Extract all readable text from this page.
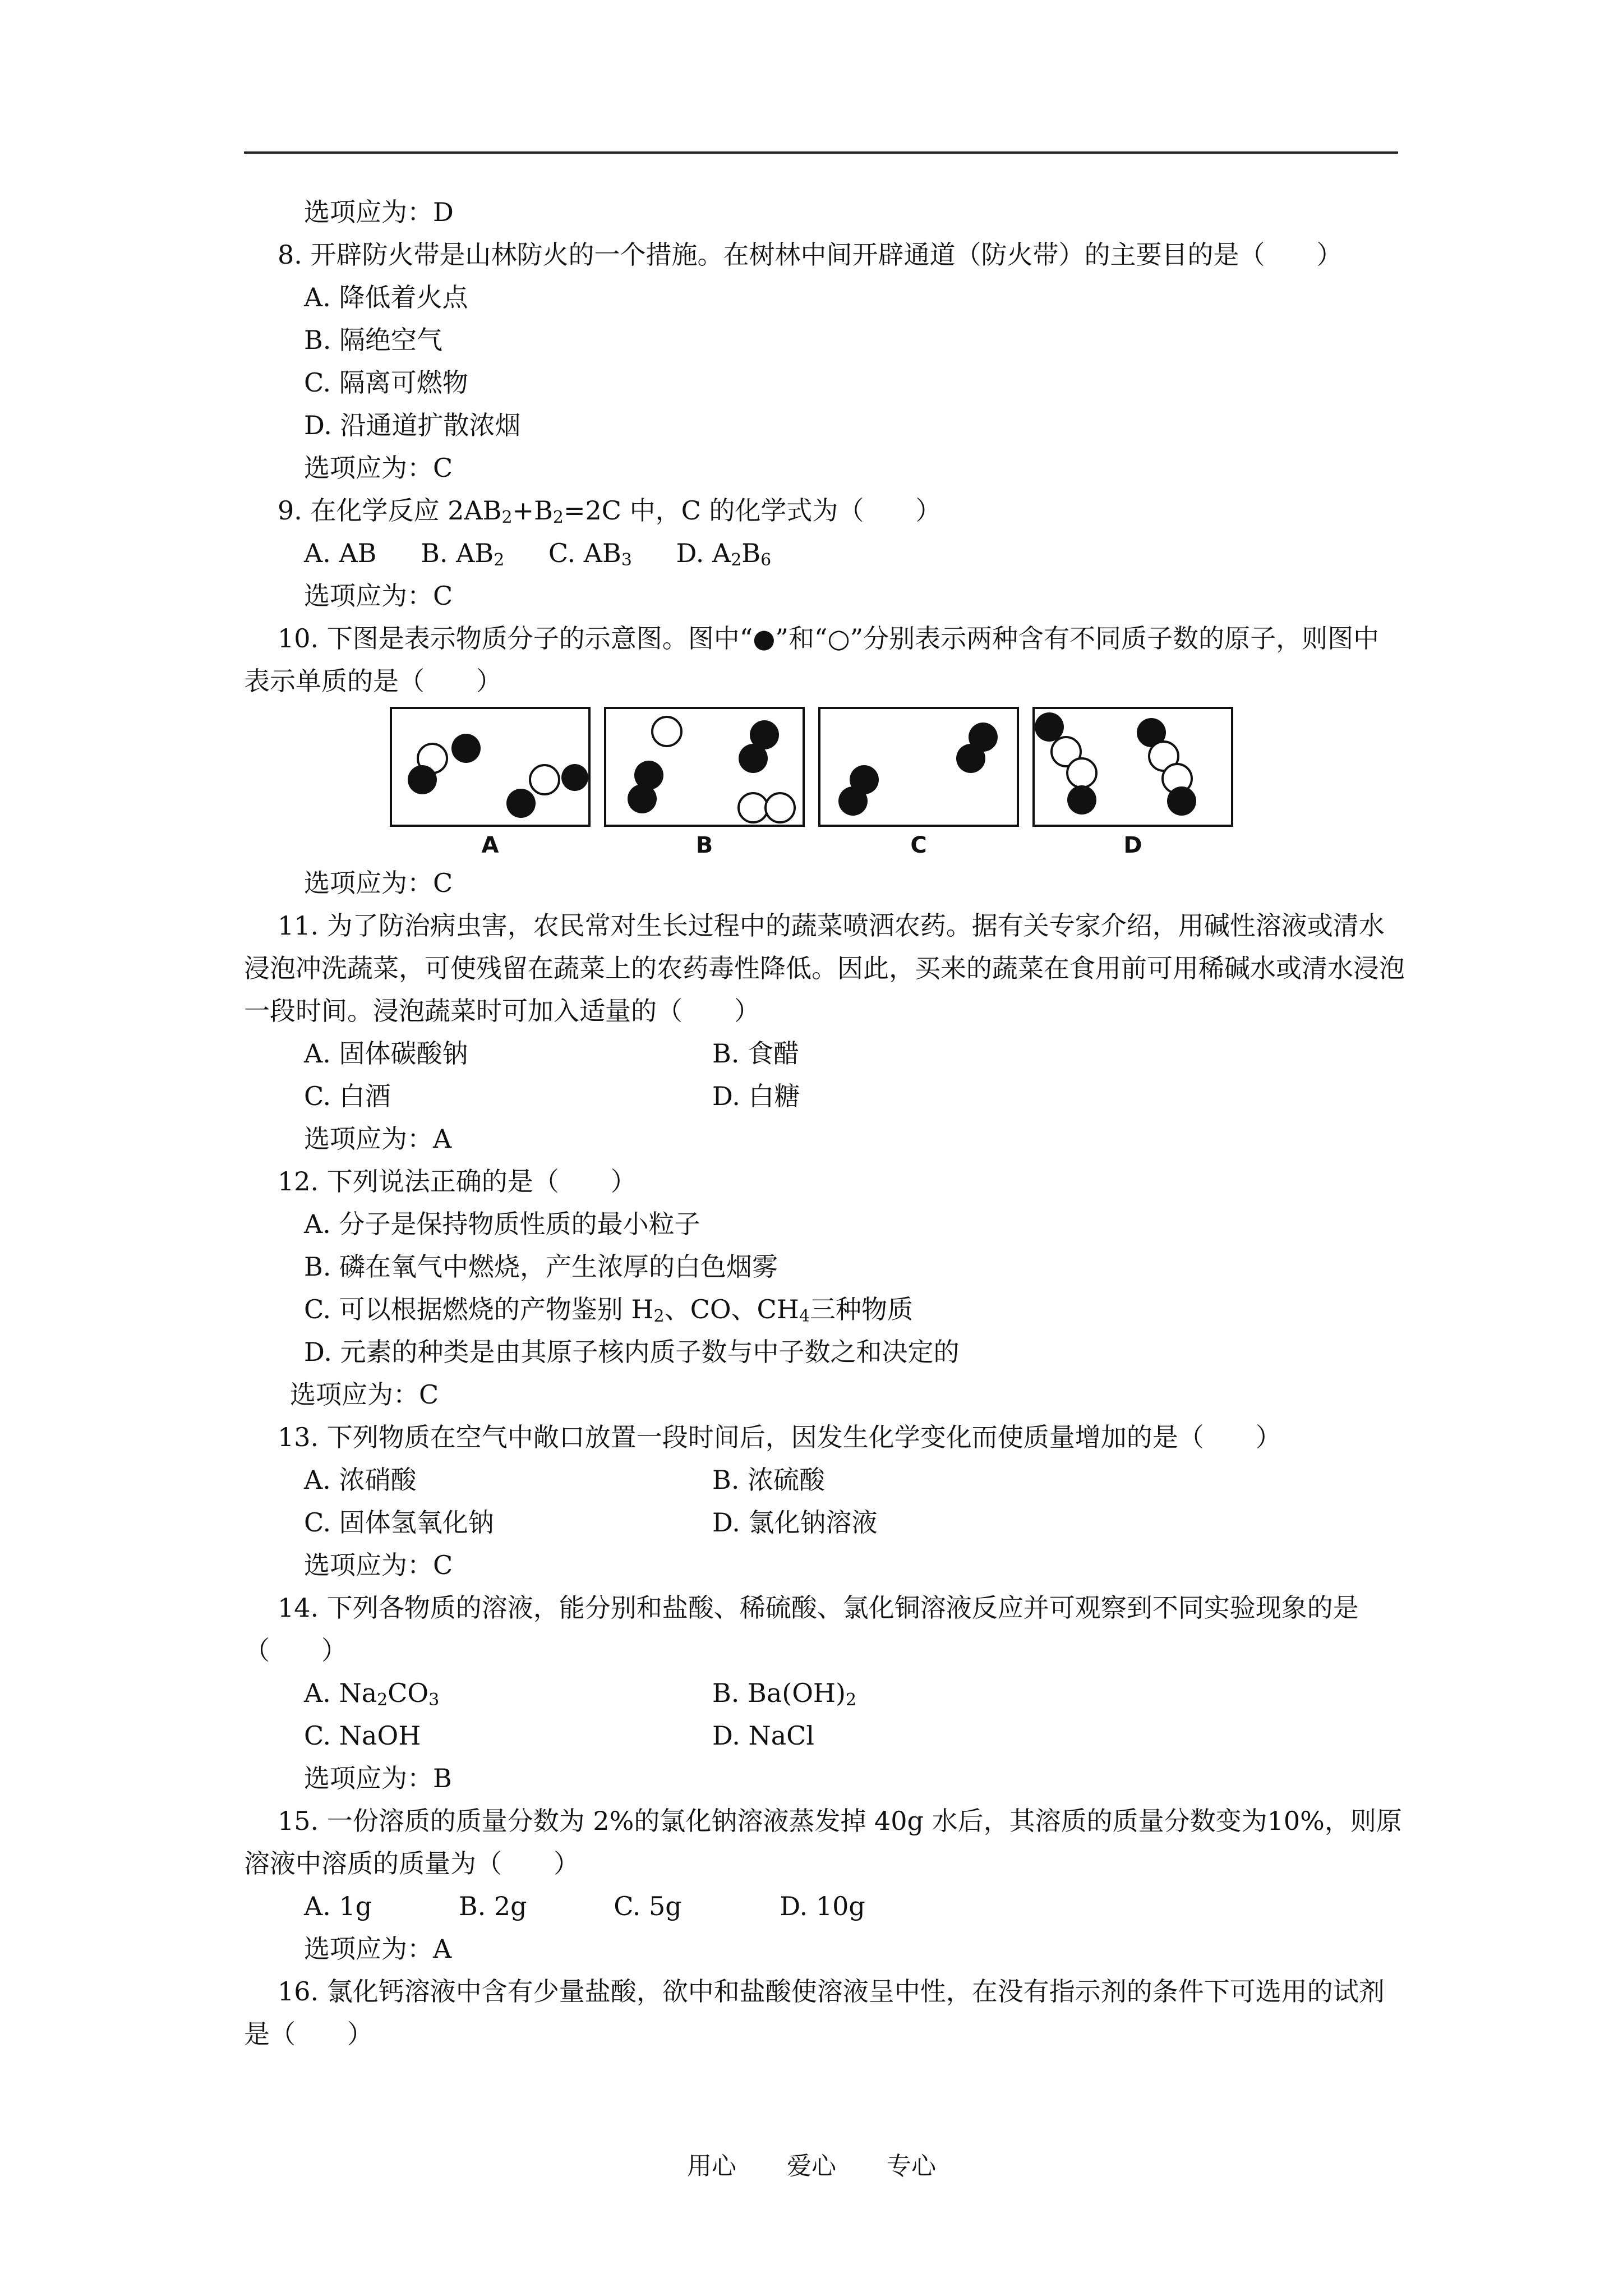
选项应为：D
8. 开辟防火带是山林防火的一个措施。在树林中间开辟通道（防火带）的主要目的是（　　）
A. 降低着火点
B. 隔绝空气
C. 隔离可燃物
D. 沿通道扩散浓烟
选项应为：C
9. 在化学反应 $2AB_2+B_2=2C$ 中，C 的化学式为（　　）
A. AB B. $AB_2$ C. $AB_3$ D. $A_2B_6$
选项应为：C
10. 下图是表示物质分子的示意图。图中“●”和“○”分别表示两种含有不同质子数的原子，则图中表示单质的是（　　）
A	B	C	D
选项应为：C
11. 为了防治病虫害，农民常对生长过程中的蔬菜喷洒农药。据有关专家介绍，用碱性溶液或清水浸泡冲洗蔬菜，可使残留在蔬菜上的农药毒性降低。因此，买来的蔬菜在食用前可用稀碱水或清水浸泡一段时间。浸泡蔬菜时可加入适量的（　　）
A. 固体碳酸钠	B. 食醋
C. 白酒	D. 白糖
选项应为：A
12. 下列说法正确的是（　　）
A. 分子是保持物质性质的最小粒子
B. 磷在氧气中燃烧，产生浓厚的白色烟雾
C. 可以根据燃烧的产物鉴别 $H_2$、CO、$CH_4$三种物质
D. 元素的种类是由其原子核内质子数与中子数之和决定的
选项应为：C
13. 下列物质在空气中敞口放置一段时间后，因发生化学变化而使质量增加的是（　　）
A. 浓硝酸	B. 浓硫酸
C. 固体氢氧化钠	D. 氯化钠溶液
选项应为：C
14. 下列各物质的溶液，能分别和盐酸、稀硫酸、氯化铜溶液反应并可观察到不同实验现象的是（　　）
A. $Na_2CO_3$	B. $Ba(OH)_2$
C. NaOH	D. NaCl
选项应为：B
15. 一份溶质的质量分数为 2%的氯化钠溶液蒸发掉 40g 水后，其溶质的质量分数变为10%，则原溶液中溶质的质量为（　　）
A. 1g	B. 2g	C. 5g	D. 10g
选项应为：A
16. 氯化钙溶液中含有少量盐酸，欲中和盐酸使溶液呈中性，在没有指示剂的条件下可选用的试剂是（　　）
用心 爱心 专心
